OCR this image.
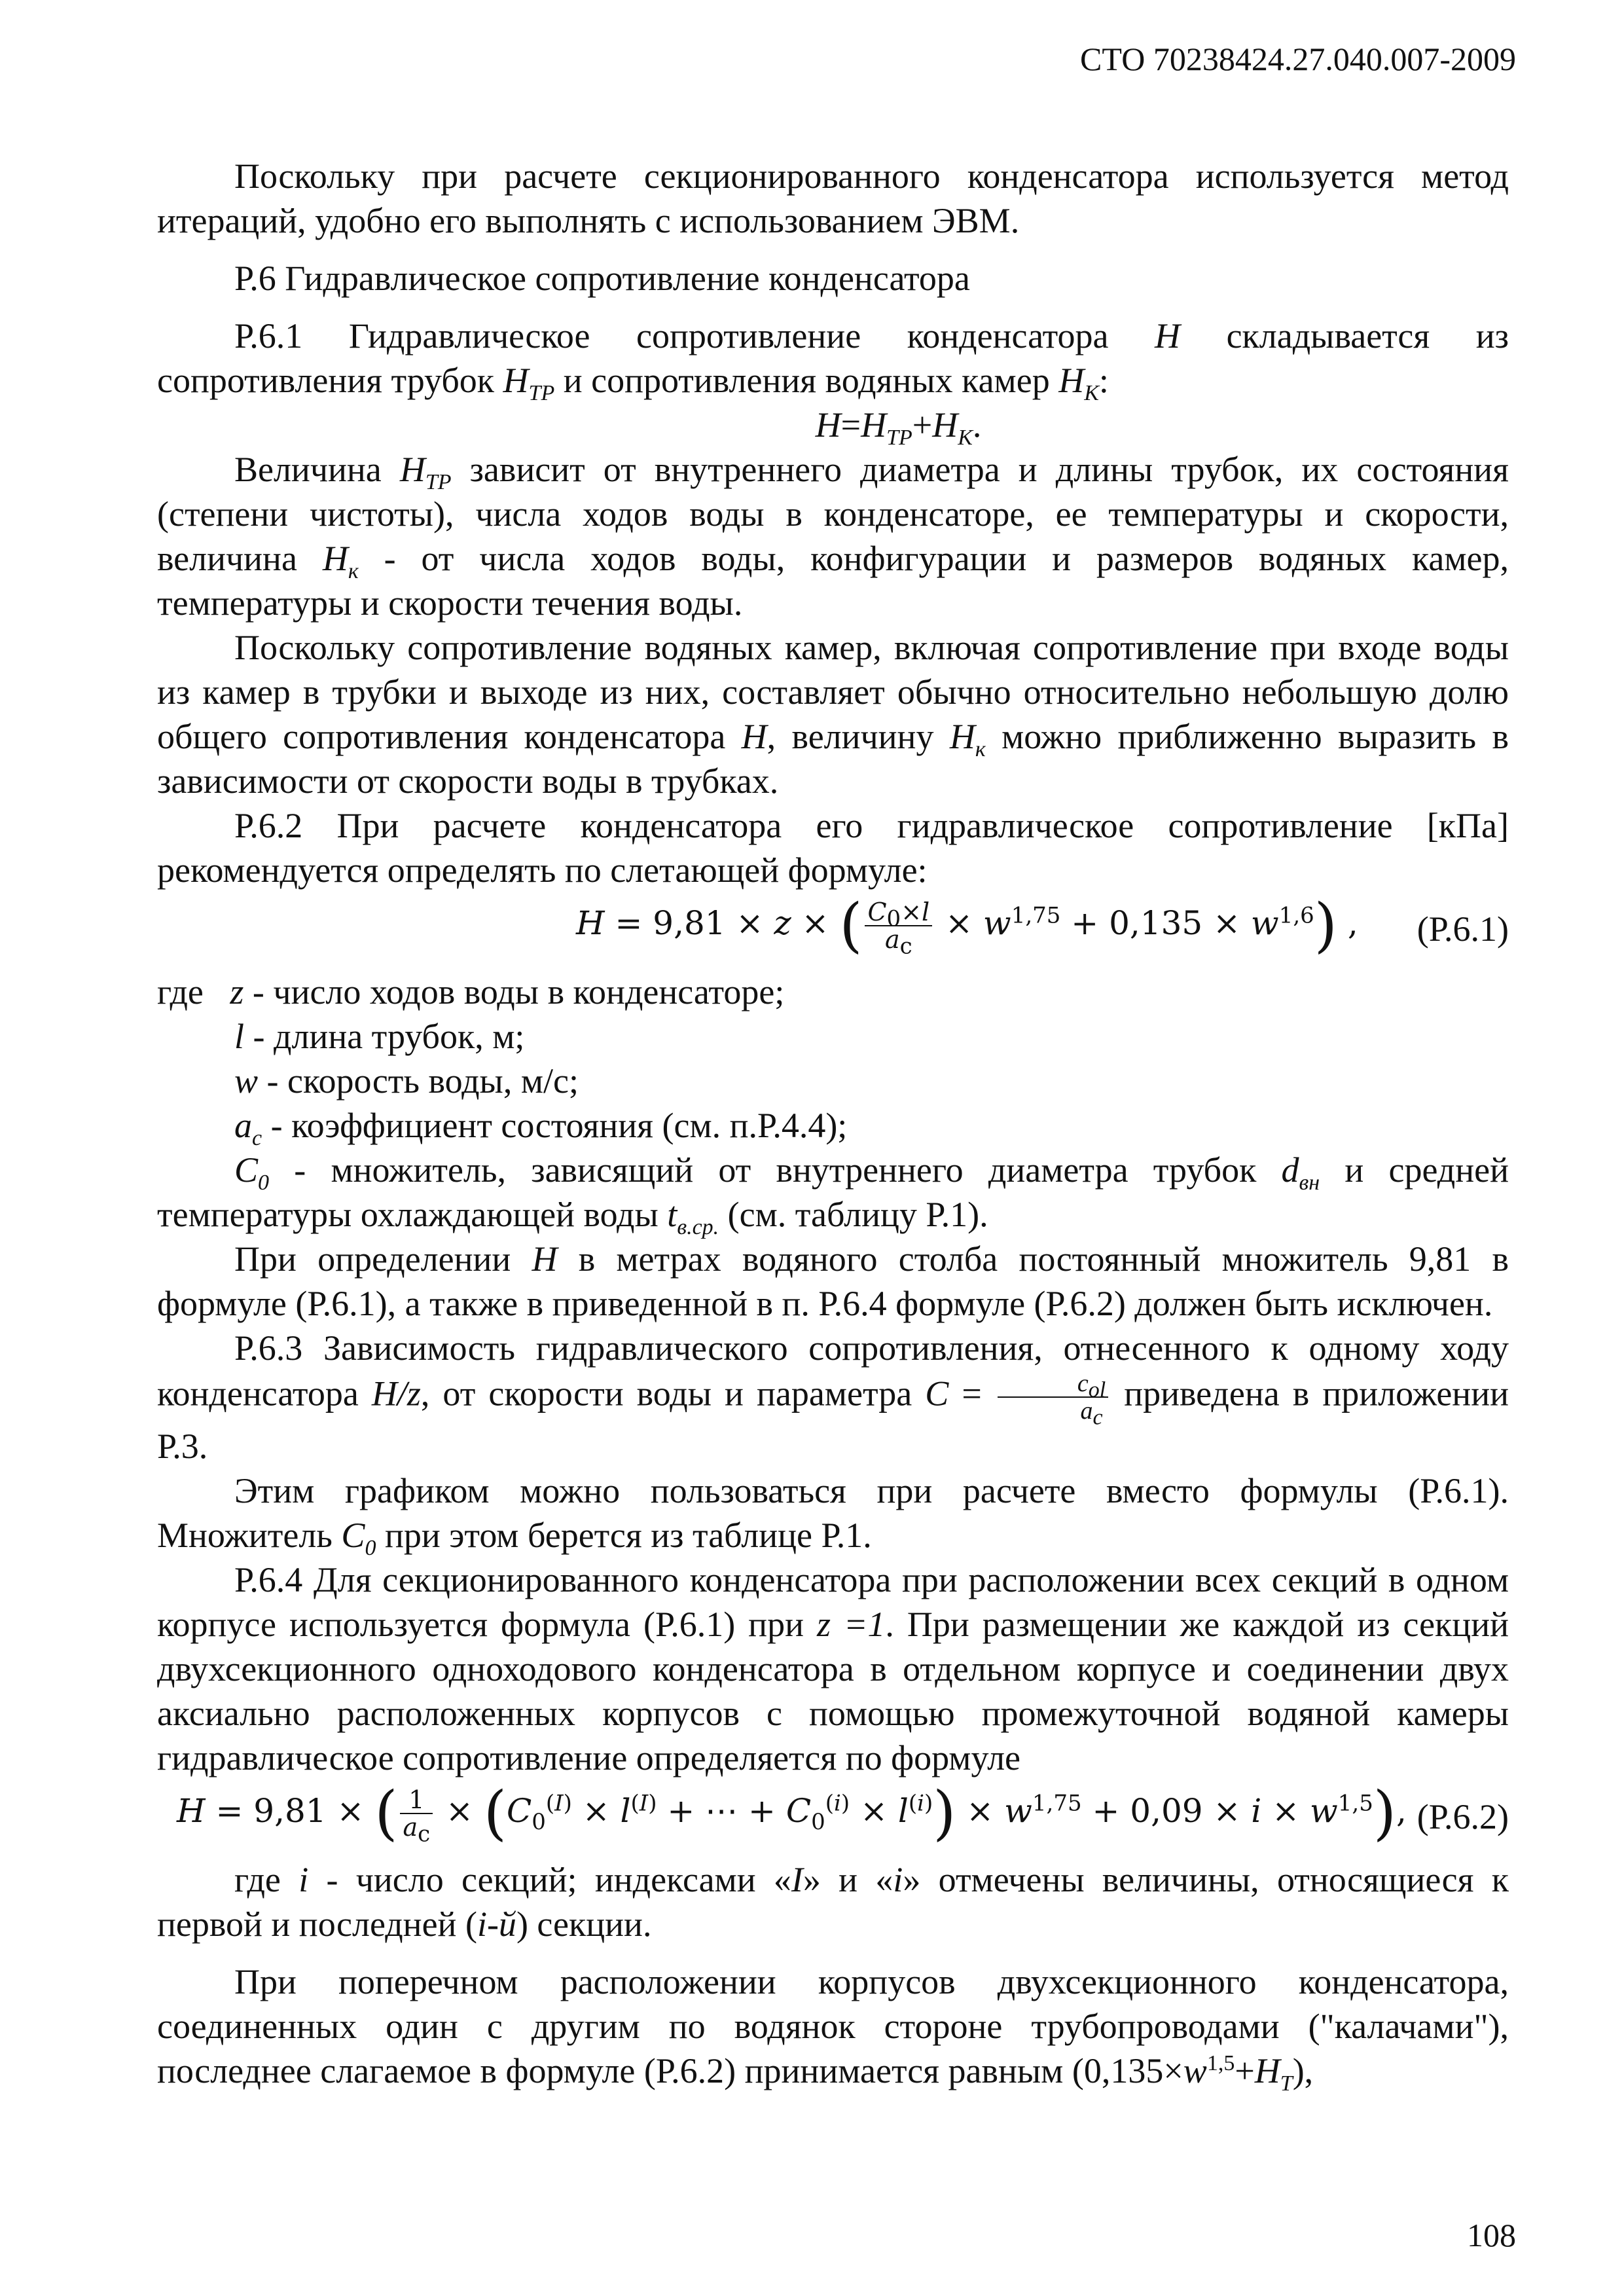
СТО 70238424.27.040.007-2009

Поскольку при расчете секционированного конденсатора используется метод итераций, удобно его выполнять с использованием ЭВМ.

Р.6 Гидравлическое сопротивление конденсатора

Р.6.1 Гидравлическое сопротивление конденсатора H складывается из сопротивления трубок $H_{ТР}$ и сопротивления водяных камер $H_K$:

$H=H_{ТР}+H_K$.

Величина $H_{ТР}$ зависит от внутреннего диаметра и длины трубок, их состояния (степени чистоты), числа ходов воды в конденсаторе, ее температуры и скорости, величина $H_к$ - от числа ходов воды, конфигурации и размеров водяных камер, температуры и скорости течения воды.

Поскольку сопротивление водяных камер, включая сопротивление при входе воды из камер в трубки и выходе из них, составляет обычно относительно небольшую долю общего сопротивления конденсатора H, величину $H_к$ можно приближенно выразить в зависимости от скорости воды в трубках.

Р.6.2 При расчете конденсатора его гидравлическое сопротивление [кПа] рекомендуется определять по слетающей формуле:

H = 9,81 × z × ( $\frac{C_0\times l}{a_c} \times w^{1,75} + 0,135 \times w^{1,6}$) , (Р.6.1)

где z - число ходов воды в конденсаторе;

l - длина трубок, м;

w - скорость воды, м/с;

$a_c$ - коэффициент состояния (см. п.Р.4.4);

$C_0$ - множитель, зависящий от внутреннего диаметра трубок $d_{вн}$ и средней температуры охлаждающей воды $t_{в.ср.}$ (см. таблицу Р.1).

При определении H в метрах водяного столба постоянный множитель 9,81 в формуле (Р.6.1), а также в приведенной в п. Р.6.4 формуле (Р.6.2) должен быть исключен.

Р.6.3 Зависимость гидравлического сопротивления, отнесенного к одному ходу конденсатора H/z, от скорости воды и параметра $C = \frac{c_{ol}}{a_c}$ приведена в приложении Р.3.

Этим графиком можно пользоваться при расчете вместо формулы (Р.6.1). Множитель $C_0$ при этом берется из таблице Р.1.

Р.6.4 Для секционированного конденсатора при расположении всех секций в одном корпусе используется формула (Р.6.1) при z =1. При размещении же каждой из секций двухсекционного одноходового конденсатора в отдельном корпусе и соединении двух аксиально расположенных корпусов с помощью промежуточной водяной камеры гидравлическое сопротивление определяется по формуле

H = 9,81 × ( $\frac{1}{a_c} \times (C_0^{(I)} \times l^{(I)}$ + ⋯ + $C_0^{(i)} \times l^{(i)}) \times w^{1,75} + 0,09 \times i \times w^{1,5}$), (Р.6.2)

где i - число секций; индексами «I» и «i» отмечены величины, относящиеся к первой и последней (i-й) секции.

При поперечном расположении корпусов двухсекционного конденсатора, соединенных один с другим по водянок стороне трубопроводами ("калачами"), последнее слагаемое в формуле (Р.6.2) принимается равным $(0,135\times w^{1,5}+H_T)$,

108
